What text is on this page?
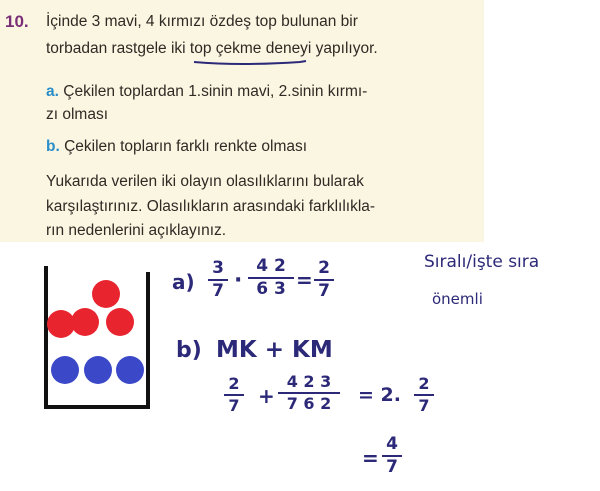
10. İçinde 3 mavi, 4 kırmızı özdeş top bulunan bir
torbadan rastgele iki top çekme deneyi yapılıyor.
a. Çekilen toplardan 1.sinin mavi, 2.sinin kırmı-
zı olması
b. Çekilen topların farklı renkte olması
Yukarıda verilen iki olayın olasılıklarını bularak
karşılaştırınız. Olasılıkların arasındaki farklılıkla-
rın nedenlerini açıklayınız.
a)
3
7 ·
4 2
6 3 = 2
7
Sıralı/işte sıra
önemli
b) MK + KM
2
7 +
4 2 3
7 6 2	= 2.
2
7
=
4
7
